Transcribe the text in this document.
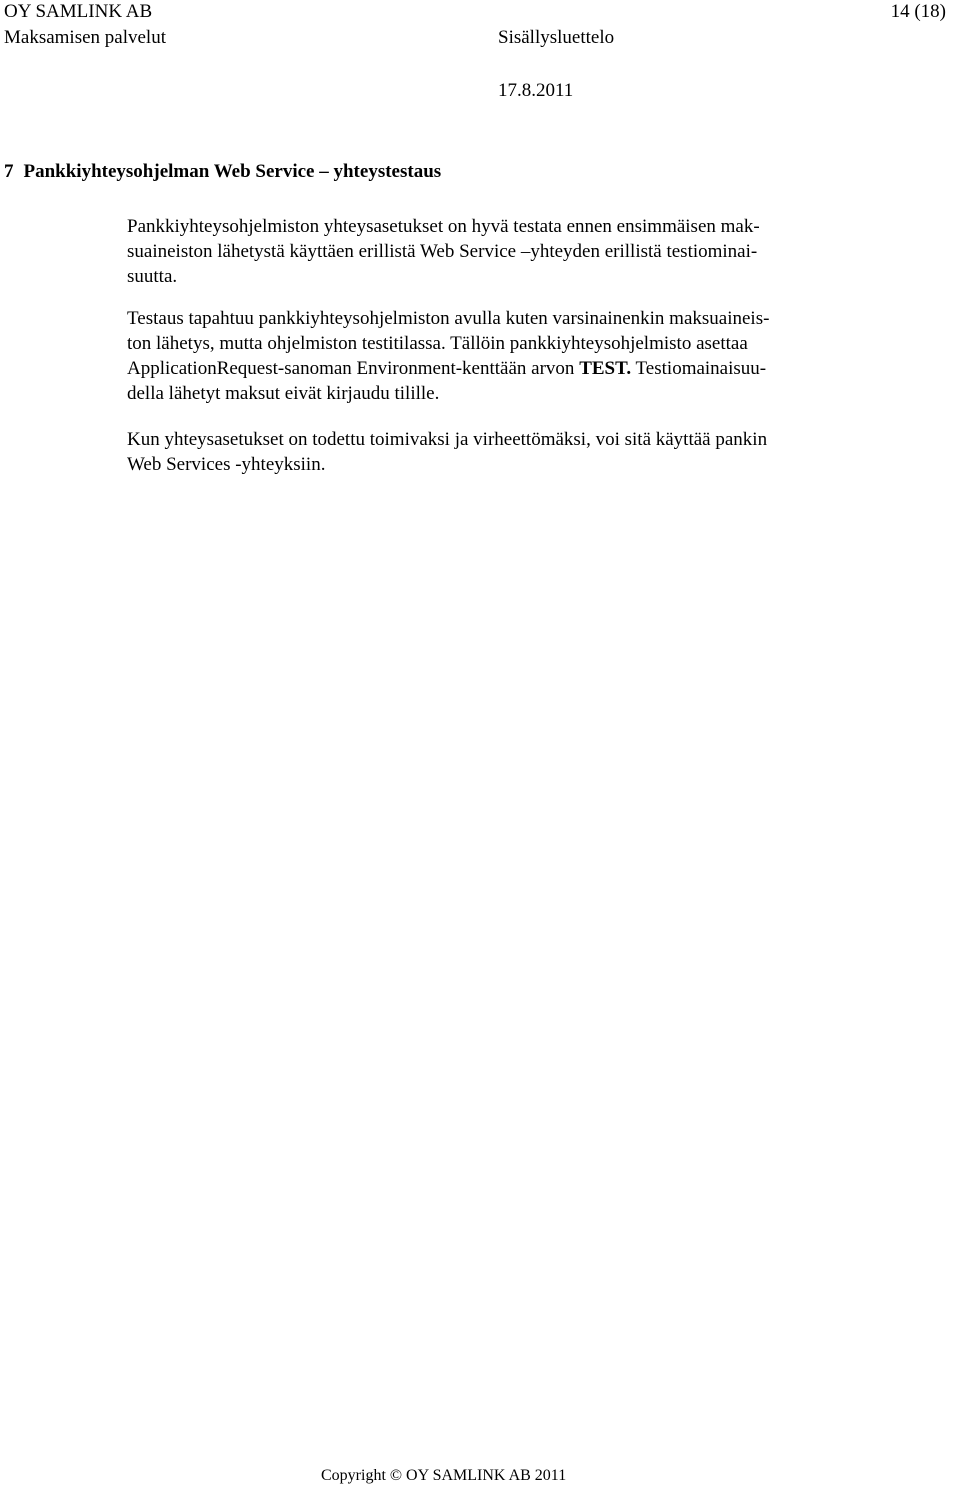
OY SAMLINK AB	14 (18)
Maksamisen palvelut	Sisällysluettelo
17.8.2011
7 Pankkiyhteysohjelman Web Service – yhteystestaus

Pankkiyhteysohjelmiston yhteysasetukset on hyvä testata ennen ensimmäisen mak-
suaineiston lähetystä käyttäen erillistä Web Service –yhteyden erillistä testiominai-
suutta.

Testaus tapahtuu pankkiyhteysohjelmiston avulla kuten varsinainenkin maksuaineis-
ton lähetys, mutta ohjelmiston testitilassa. Tällöin pankkiyhteysohjelmisto asettaa
ApplicationRequest-sanoman Environment-kenttään arvon TEST. Testiomainaisuu-
della lähetyt maksut eivät kirjaudu tilille.

Kun yhteysasetukset on todettu toimivaksi ja virheettömäksi, voi sitä käyttää pankin
Web Services -yhteyksiin.

Copyright © OY SAMLINK AB 2011
